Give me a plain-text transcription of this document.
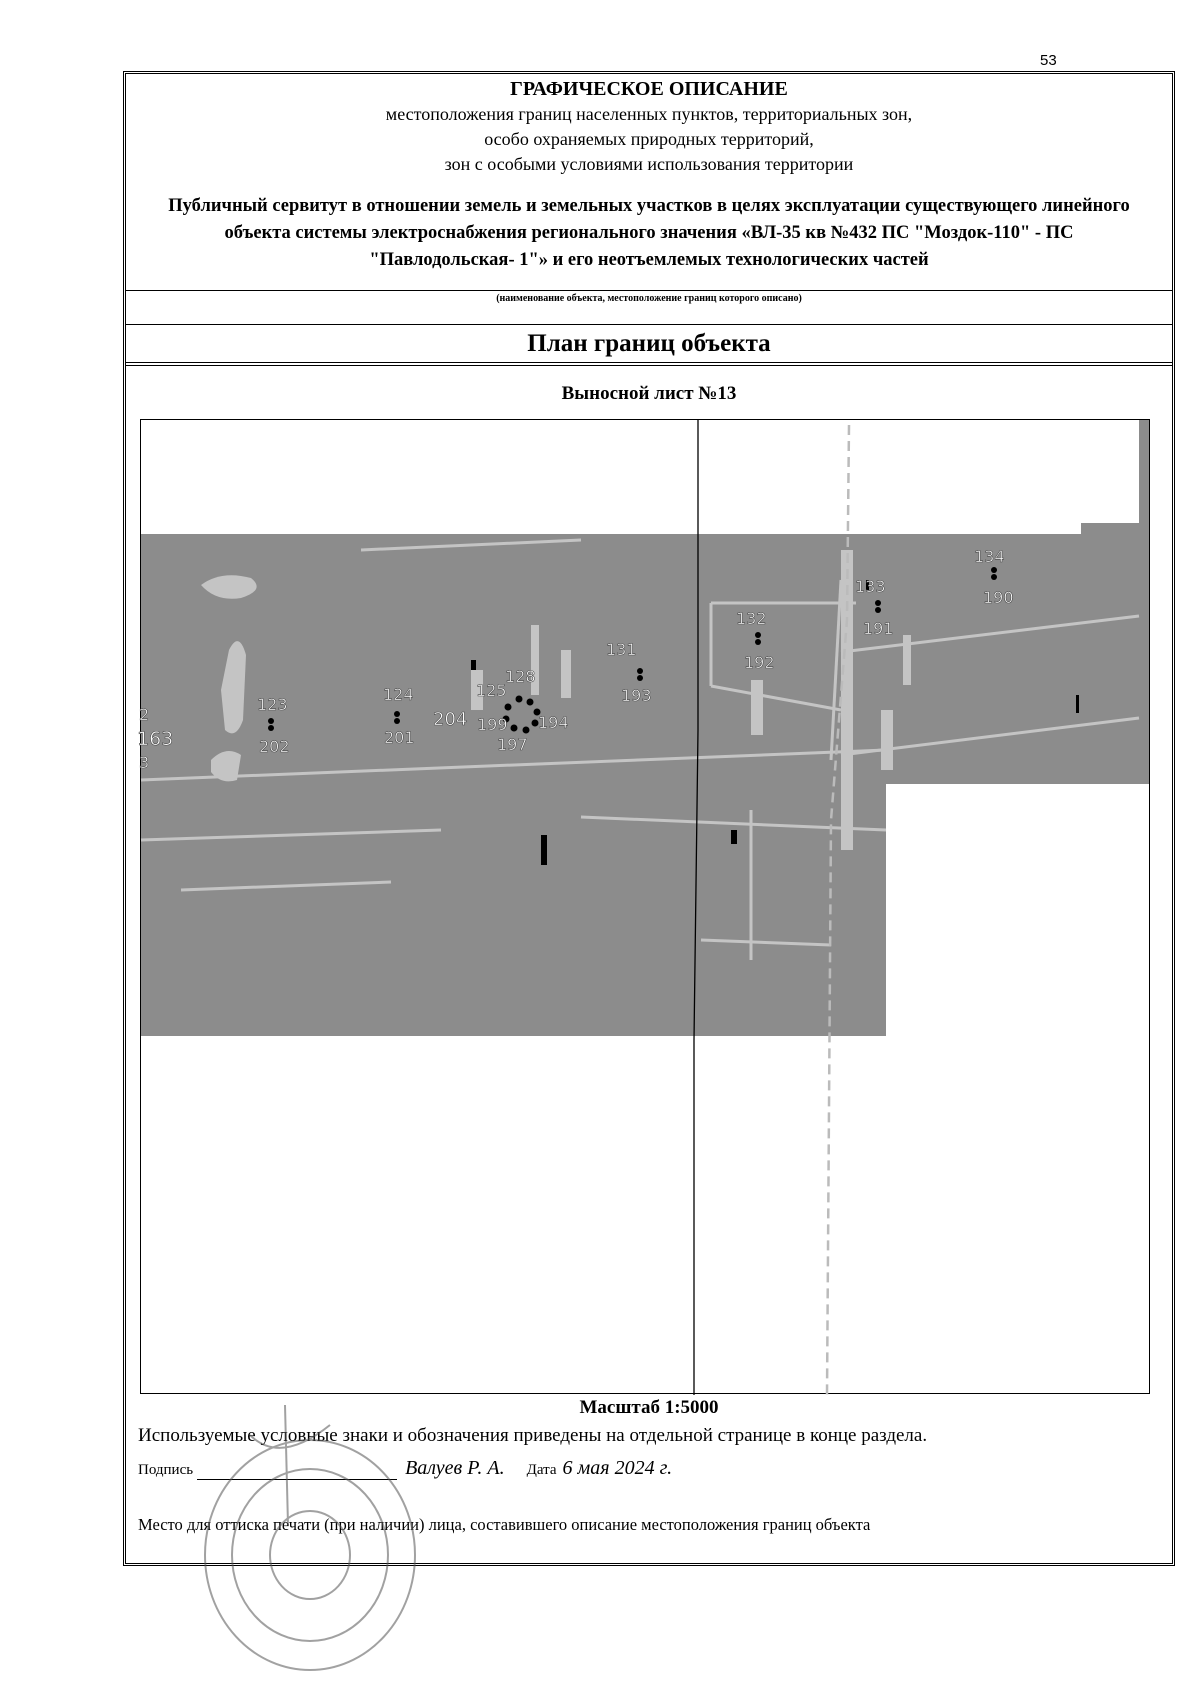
53
ГРАФИЧЕСКОЕ ОПИСАНИЕ
местоположения границ населенных пунктов, территориальных зон,
особо охраняемых природных территорий,
зон с особыми условиями использования территории
Публичный сервитут в отношении земель и земельных участков в целях эксплуатации существующего линейного объекта системы электроснабжения регионального значения «ВЛ-35 кв №432 ПС "Моздок-110" - ПС "Павлодольская- 1"» и его неотъемлемых технологических частей
(наименование объекта, местоположение границ которого описано)
План границ объекта
Выносной лист №13
123
202
124
201
204
125
128
199 194
197
131
193
132
192
133
191
134
190
2
163
3
Масштаб 1:5000
Используемые условные знаки и обозначения приведены на отдельной странице в конце раздела.
Подпись	Валуев Р. А. Дата 6 мая 2024 г.
Место для оттиска печати (при наличии) лица, составившего описание местоположения границ объекта
